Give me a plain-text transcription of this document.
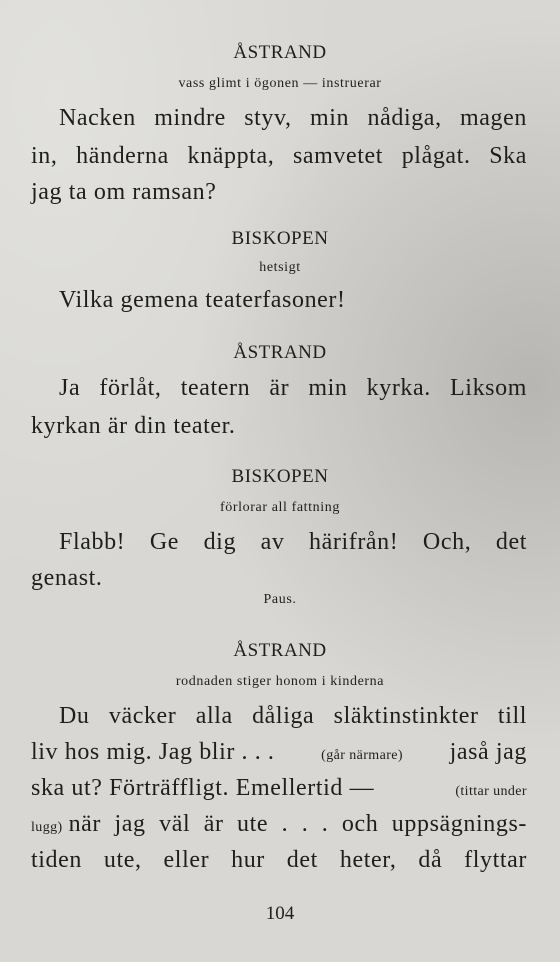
ÅSTRAND
vass glimt i ögonen — instruerar
Nacken mindre styv, min nådiga, magen
in, händerna knäppta, samvetet plågat. Ska
jag ta om ramsan?
BISKOPEN
hetsigt
Vilka gemena teaterfasoner!
ÅSTRAND
Ja förlåt, teatern är min kyrka. Liksom
kyrkan är din teater.
BISKOPEN
förlorar all fattning
Flabb! Ge dig av härifrån! Och, det
genast.
Paus.
ÅSTRAND
rodnaden stiger honom i kinderna
Du väcker alla dåliga släktinstinkter till
liv hos mig. Jag blir . . .	(går närmare) jaså jag
ska ut? Förträffligt. Emellertid —	(tittar under
lugg) när jag väl är ute . . . och uppsägnings-
tiden ute, eller hur det heter, då flyttar
104
